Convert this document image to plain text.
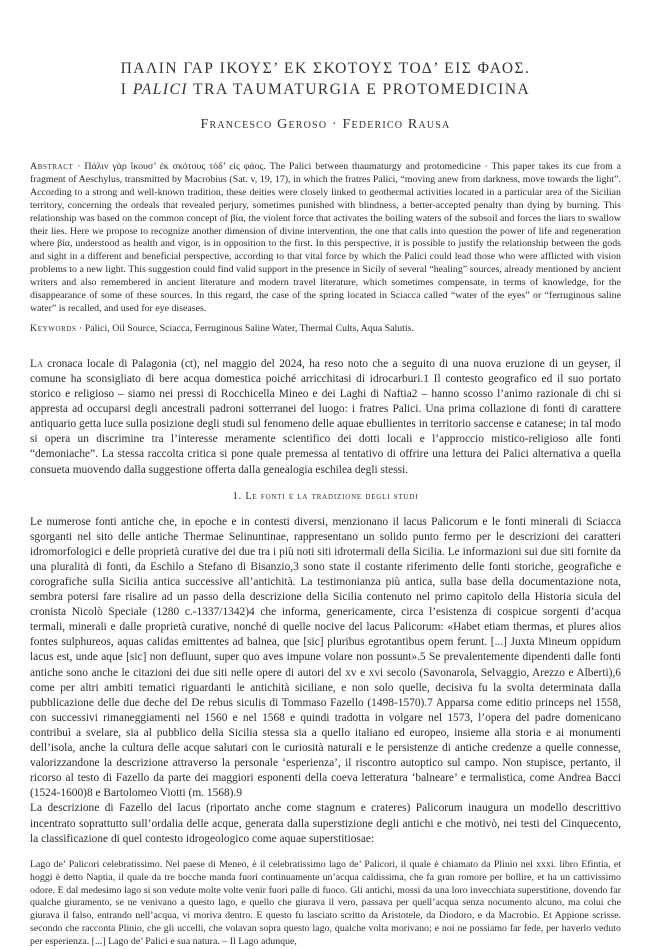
ΠΑΛΙΝ ΓΑΡ ΙΚΟΥΣ’ ΕΚ ΣΚΟΤΟΥΣ ΤΟΔ’ ΕΙΣ ΦΑΟΣ.

I PALICI TRA TAUMATURGIA E PROTOMEDICINA

Francesco Geroso · Federico Rausa

Abstract · Πάλιν γὰρ ἵκουσ’ ἐκ σκότους τόδ’ εἰς φάος. The Palici between thaumaturgy and protomedicine · This paper takes its cue from a fragment of Aeschylus, transmitted by Macrobius (Sat. v, 19, 17), in which the fratres Palici, “moving anew from darkness, move towards the light”. According to a strong and well-known tradition, these deities were closely linked to geothermal activities located in a particular area of the Sicilian territory, concerning the ordeals that revealed perjury, sometimes punished with blindness, a better-accepted penalty than dying by burning. This relationship was based on the common concept of βία, the violent force that activates the boiling waters of the subsoil and forces the liars to swallow their lies. Here we propose to recognize another dimension of divine intervention, the one that calls into question the power of life and regeneration where βία, understood as health and vigor, is in opposition to the first. In this perspective, it is possible to justify the relationship between the gods and sight in a different and beneficial perspective, according to that vital force by which the Palici could lead those who were afflicted with vision problems to a new light. This suggestion could find valid support in the presence in Sicily of several “healing” sources, already mentioned by ancient writers and also remembered in ancient literature and modern travel literature, which sometimes compensate, in terms of knowledge, for the disappearance of some of these sources. In this regard, the case of the spring located in Sciacca called “water of the eyes” or “ferruginous saline water” is recalled, and used for eye diseases.

Keywords · Palici, Oil Source, Sciacca, Ferruginous Saline Water, Thermal Cults, Aqua Salutis.

La cronaca locale di Palagonia (ct), nel maggio del 2024, ha reso noto che a seguito di una nuova eruzione di un geyser, il comune ha sconsigliato di bere acqua domestica poiché arricchitasi di idrocarburi.1 Il contesto geografico ed il suo portato storico e religioso – siamo nei pressi di Rocchicella Mineo e dei Laghi di Naftia2 – hanno scosso l’animo razionale di chi si appresta ad occuparsi degli ancestrali padroni sotterranei del luogo: i fratres Palici. Una prima collazione di fonti di carattere antiquario getta luce sulla posizione degli studi sul fenomeno delle aquae ebullientes in territorio saccense e catanese; in tal modo si opera un discrimine tra l’interesse meramente scientifico dei dotti locali e l’approccio mistico-religioso alle fonti “demoniache”. La stessa raccolta critica si pone quale premessa al tentativo di offrire una lettura dei Palici alternativa a quella consueta muovendo dalla suggestione offerta dalla genealogia eschilea degli stessi.

1. Le fonti e la tradizione degli studi

Le numerose fonti antiche che, in epoche e in contesti diversi, menzionano il lacus Palicorum e le fonti minerali di Sciacca sgorganti nel sito delle antiche Thermae Selinuntinae, rappresentano un solido punto fermo per le descrizioni dei caratteri idromorfologici e delle proprietà curative dei due tra i più noti siti idrotermali della Sicilia. Le informazioni sui due siti fornite da una pluralità di fonti, da Eschilo a Stefano di Bisanzio,3 sono state il costante riferimento delle fonti storiche, geografiche e corografiche sulla Sicilia antica successive all’antichità. La testimonianza più antica, sulla base della documentazione nota, sembra potersi fare risalire ad un passo della descrizione della Sicilia contenuto nel primo capitolo della Historia sicula del cronista Nicolò Speciale (1280 c.-1337/1342)4 che informa, genericamente, circa l’esistenza di cospicue sorgenti d’acqua termali, minerali e dalle proprietà curative, nonché di quelle nocive del lacus Palicorum: «Habet etiam thermas, et plures alios fontes sulphureos, aquas calidas emittentes ad balnea, que [sic] pluribus egrotantibus opem ferunt. [...] Juxta Mineum oppidum lacus est, unde aque [sic] non defluunt, super quo aves impune volare non possunt».5 Se prevalentemente dipendenti dalle fonti antiche sono anche le citazioni dei due siti nelle opere di autori del xv e xvi secolo (Savonarola, Selvaggio, Arezzo e Alberti),6 come per altri ambiti tematici riguardanti le antichità siciliane, e non solo quelle, decisiva fu la svolta determinata dalla pubblicazione delle due deche del De rebus siculis di Tommaso Fazello (1498-1570).7 Apparsa come editio princeps nel 1558, con successivi rimaneggiamenti nel 1560 e nel 1568 e quindi tradotta in volgare nel 1573, l’opera del padre domenicano contribuì a svelare, sia al pubblico della Sicilia stessa sia a quello italiano ed europeo, insieme alla storia e ai monumenti dell’isola, anche la cultura delle acque salutari con le curiosità naturali e le persistenze di antiche credenze a quelle connesse, valorizzandone la descrizione attraverso la personale ‘esperienza’, il riscontro autoptico sul campo. Non stupisce, pertanto, il ricorso al testo di Fazello da parte dei maggiori esponenti della coeva letteratura ‘balneare’ e termalistica, come Andrea Bacci (1524-1600)8 e Bartolomeo Viotti (m. 1568).9

La descrizione di Fazello del lacus (riportato anche come stagnum e crateres) Palicorum inaugura un modello descrittivo incentrato soprattutto sull’ordalia delle acque, generata dalla superstizione degli antichi e che motivò, nei testi del Cinquecento, la classificazione di quel contesto idrogeologico come aquae superstitiosae:

Lago de’ Palicori celebratissimo. Nel paese di Meneo, è il celebratissimo lago de’ Palicori, il quale è chiamato da Plinio nel xxxi. libro Efintia, et hoggi è detto Naptia, il quale da tre bocche manda fuori continuamente un’acqua caldissima, che fa gran romore per bollire, et ha un cattivissimo odore. E dal medesimo lago si son vedute molte volte venir fuori palle di fuoco. Gli antichi, mossi da una loro invecchiata superstitione, dovendo far qualche giuramento, se ne venivano a questo lago, e quello che giurava il vero, passava per quell’acqua senza nocumento alcuno, ma colui che giurava il falso, entrando nell’acqua, vi moriva dentro. E questo fu lasciato scritto da Aristotele, da Diodoro, e da Macrobio. Et Appione scrisse. secondo che racconta Plinio, che gli uccelli, che volavan sopra questo lago, qualche volta morivano; e noi ne possiamo far fede, per haverlo veduto per esperienza. [...] Lago de’ Palici e sua natura. – Il Lago adunque,
